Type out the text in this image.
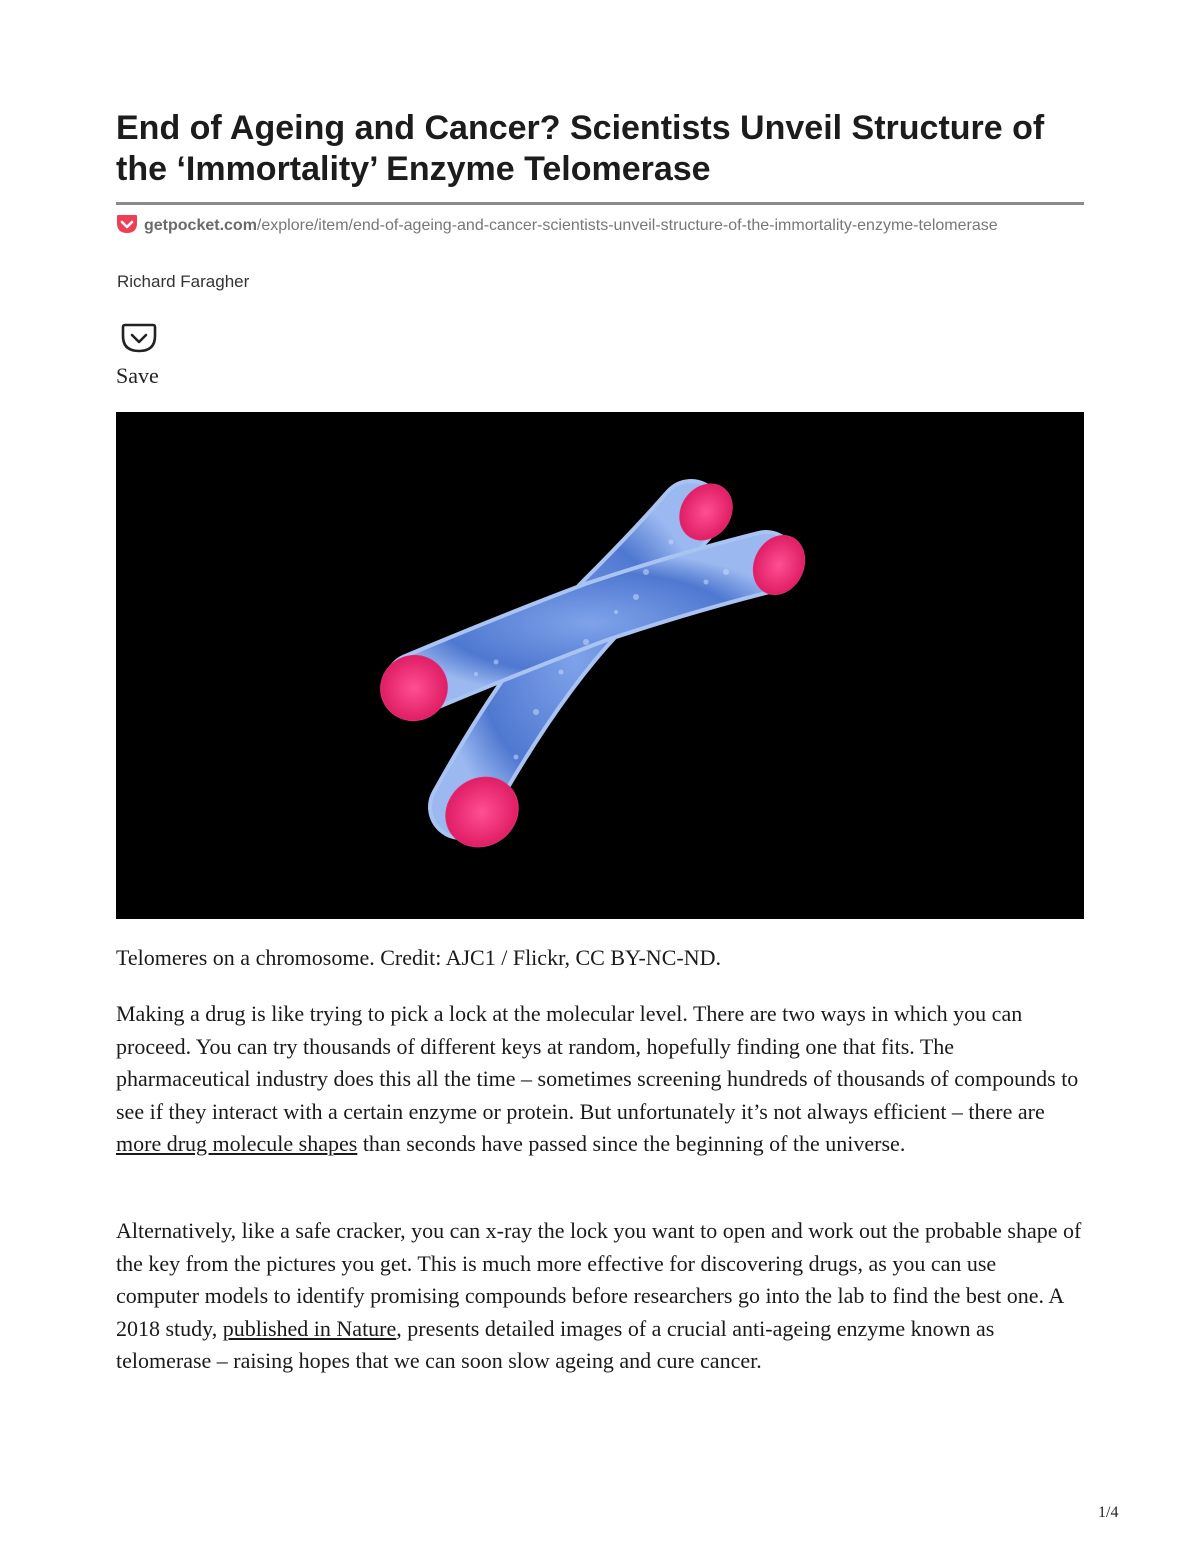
End of Ageing and Cancer? Scientists Unveil Structure of the ‘Immortality’ Enzyme Telomerase
getpocket.com/explore/item/end-of-ageing-and-cancer-scientists-unveil-structure-of-the-immortality-enzyme-telomerase
Richard Faragher
Save

Telomeres on a chromosome. Credit: AJC1 / Flickr, CC BY-NC-ND.

Making a drug is like trying to pick a lock at the molecular level. There are two ways in which you can proceed. You can try thousands of different keys at random, hopefully finding one that fits. The pharmaceutical industry does this all the time – sometimes screening hundreds of thousands of compounds to see if they interact with a certain enzyme or protein. But unfortunately it’s not always efficient – there are more drug molecule shapes than seconds have passed since the beginning of the universe.

Alternatively, like a safe cracker, you can x-ray the lock you want to open and work out the probable shape of the key from the pictures you get. This is much more effective for discovering drugs, as you can use computer models to identify promising compounds before researchers go into the lab to find the best one. A 2018 study, published in Nature, presents detailed images of a crucial anti-ageing enzyme known as telomerase – raising hopes that we can soon slow ageing and cure cancer.

1/4
